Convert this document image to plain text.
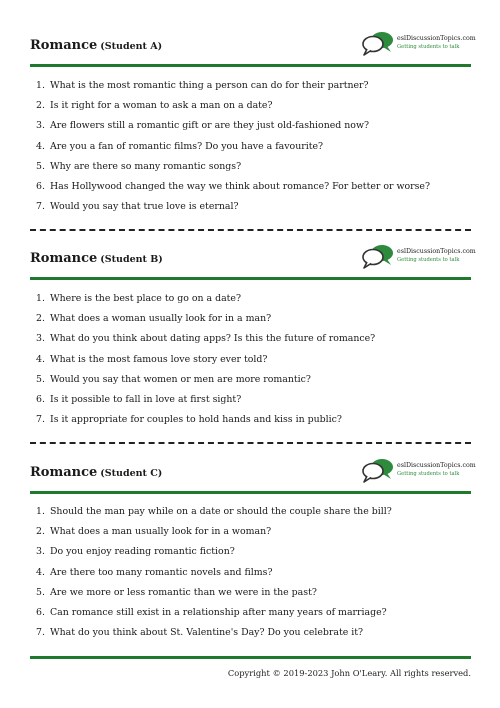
Romance (Student A)
eslDiscussionTopics.com
Getting students to talk
1. What is the most romantic thing a person can do for their partner?
2. Is it right for a woman to ask a man on a date?
3. Are flowers still a romantic gift or are they just old-fashioned now?
4. Are you a fan of romantic films? Do you have a favourite?
5. Why are there so many romantic songs?
6. Has Hollywood changed the way we think about romance? For better or worse?
7. Would you say that true love is eternal?
Romance (Student B)
eslDiscussionTopics.com
Getting students to talk
1. Where is the best place to go on a date?
2. What does a woman usually look for in a man?
3. What do you think about dating apps? Is this the future of romance?
4. What is the most famous love story ever told?
5. Would you say that women or men are more romantic?
6. Is it possible to fall in love at first sight?
7. Is it appropriate for couples to hold hands and kiss in public?
Romance (Student C)
eslDiscussionTopics.com
Getting students to talk
1. Should the man pay while on a date or should the couple share the bill?
2. What does a man usually look for in a woman?
3. Do you enjoy reading romantic fiction?
4. Are there too many romantic novels and films?
5. Are we more or less romantic than we were in the past?
6. Can romance still exist in a relationship after many years of marriage?
7. What do you think about St. Valentine's Day? Do you celebrate it?
Copyright © 2019-2023 John O'Leary. All rights reserved.
